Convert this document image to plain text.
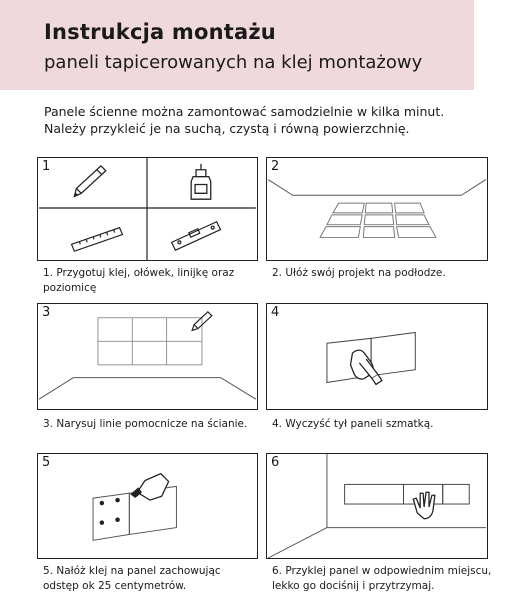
Instrukcja montażu
paneli tapicerowanych na klej montażowy

Panele ścienne można zamontować samodzielnie w kilka minut.
Należy przykleić je na suchą, czystą i równą powierzchnię.

1
1. Przygotuj klej, ołówek, linijkę oraz
poziomicę
2
2. Ułóż swój projekt na podłodze.
3
3. Narysuj linie pomocnicze na ścianie.
4
4. Wyczyść tył paneli szmatką.
5
5. Nałóż klej na panel zachowując
odstęp ok 25 centymetrów.
6
6. Przyklej panel w odpowiednim miejscu,
lekko go dociśnij i przytrzymaj.
